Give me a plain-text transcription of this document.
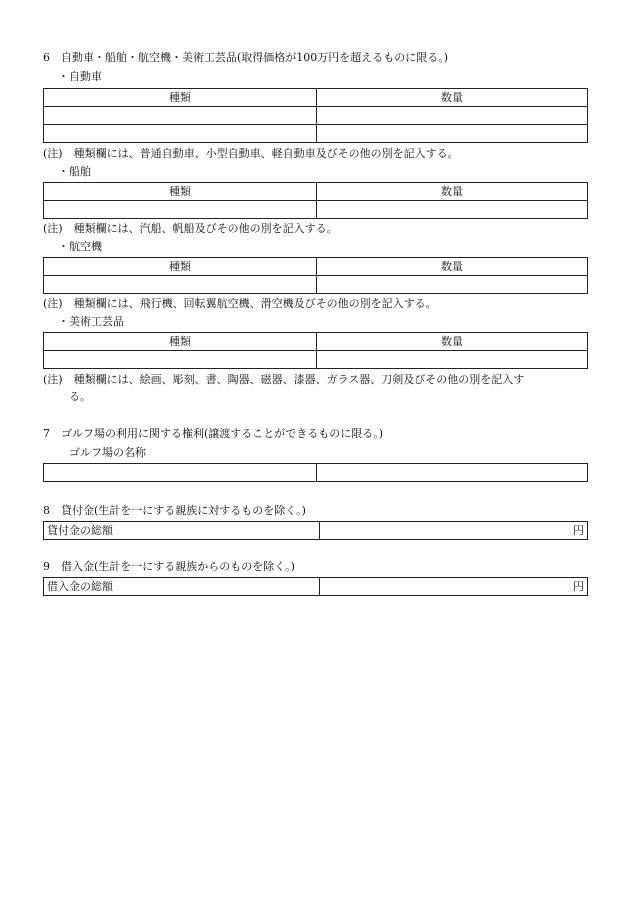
6　自動車・船舶・航空機・美術工芸品(取得価格が100万円を超えるものに限る。)
・自動車
種類	数量

(注)　種類欄には、普通自動車、小型自動車、軽自動車及びその他の別を記入する。
・船舶
種類	数量

(注)　種類欄には、汽船、帆船及びその他の別を記入する。
・航空機
種類	数量

(注)　種類欄には、飛行機、回転翼航空機、滑空機及びその他の別を記入する。
・美術工芸品
種類	数量

(注)　種類欄には、絵画、彫刻、書、陶器、磁器、漆器、ガラス器、刀剣及びその他の別を記入す
る。
7　ゴルフ場の利用に関する権利(譲渡することができるものに限る。)
ゴルフ場の名称

8　貸付金(生計を一にする親族に対するものを除く。)
貸付金の総額	円
9　借入金(生計を一にする親族からのものを除く。)
借入金の総額	円
